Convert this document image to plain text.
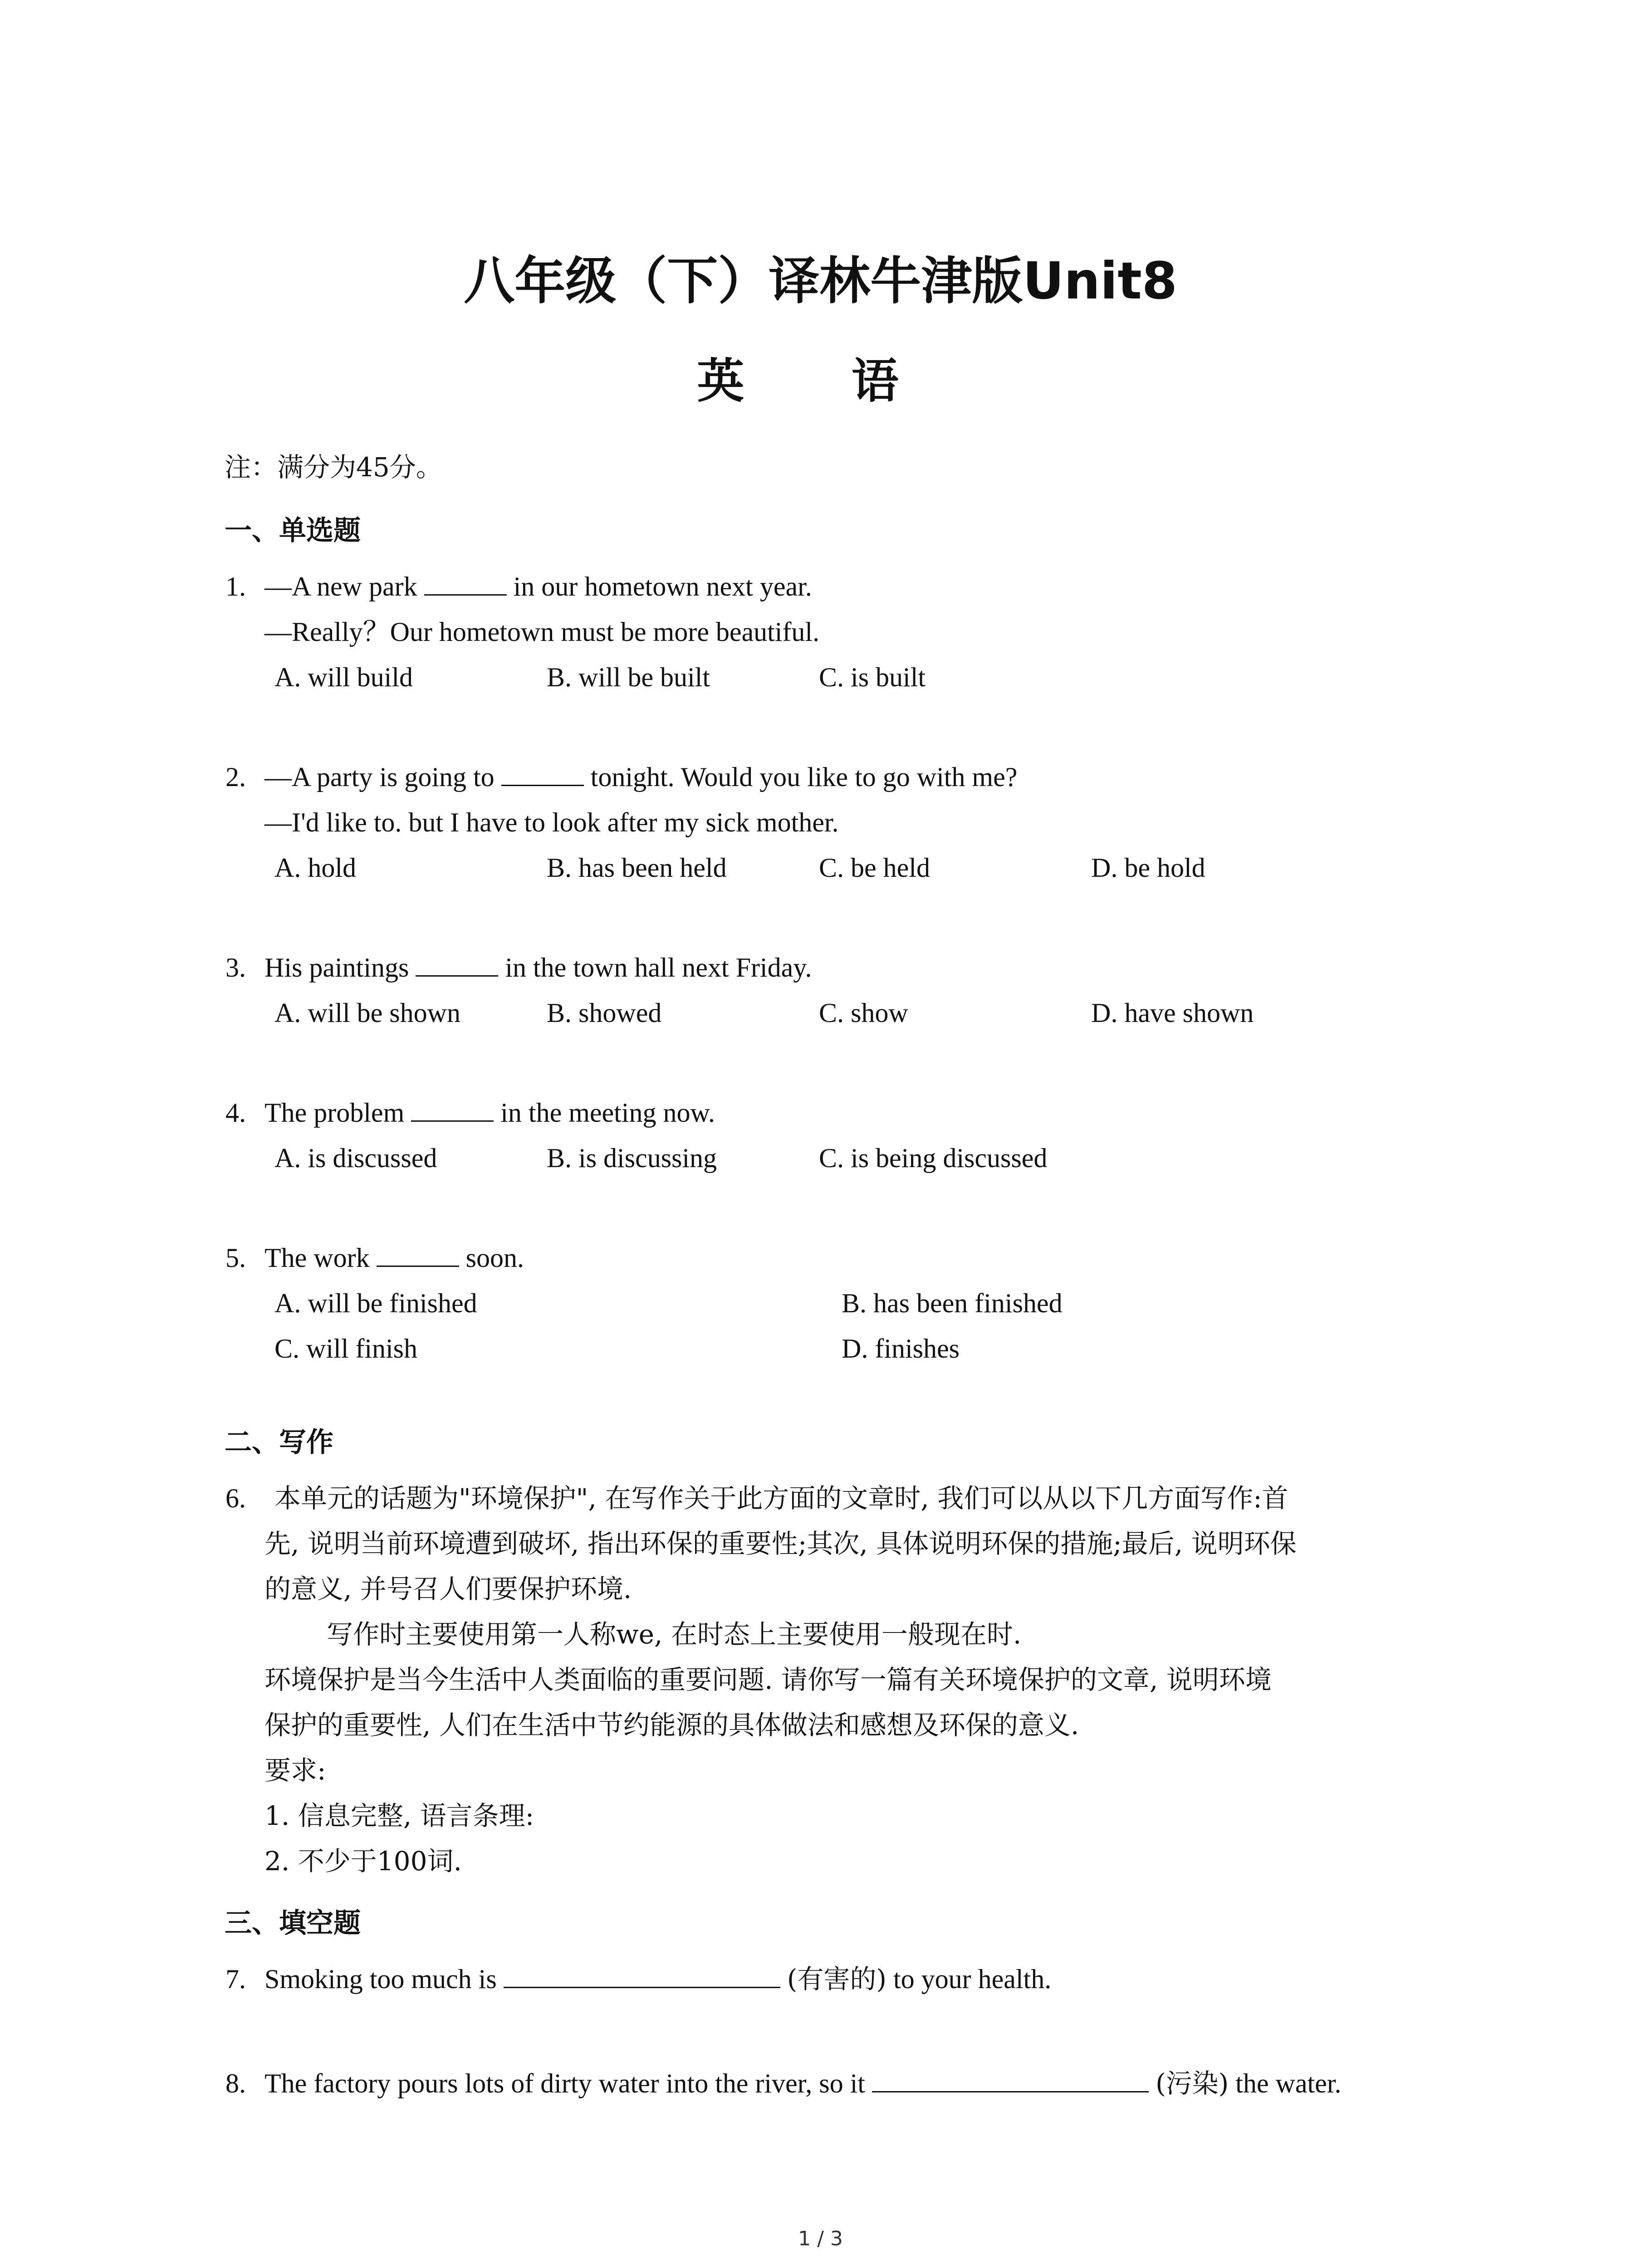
八年级（下）译林牛津版Unit8
英 语
注：满分为45分。
一、单选题
1. —A new park	in our hometown next year.
—Really？Our hometown must be more beautiful.
A. will build	B. will be built	C. is built
2. —A party is going to	tonight. Would you like to go with me?
—I'd like to. but I have to look after my sick mother.
A. hold	B. has been held	C. be held	D. be hold
3. His paintings	in the town hall next Friday.
A. will be shown	B. showed	C. show	D. have shown
4. The problem	in the meeting now.
A. is discussed	B. is discussing	C. is being discussed
5. The work	soon.
A. will be finished	B. has been finished
C. will finish	D. finishes
二、写作
6. 本单元的话题为"环境保护", 在写作关于此方面的文章时, 我们可以从以下几方面写作:首
先, 说明当前环境遭到破坏, 指出环保的重要性;其次, 具体说明环保的措施;最后, 说明环保
的意义, 并号召人们要保护环境.
写作时主要使用第一人称we, 在时态上主要使用一般现在时.
环境保护是当今生活中人类面临的重要问题. 请你写一篇有关环境保护的文章, 说明环境
保护的重要性, 人们在生活中节约能源的具体做法和感想及环保的意义.
要求:
1. 信息完整, 语言条理:
2. 不少于100词.
三、填空题
7. Smoking too much is	(有害的) to your health.
8. The factory pours lots of dirty water into the river, so it	(污染) the water.
1 / 3
